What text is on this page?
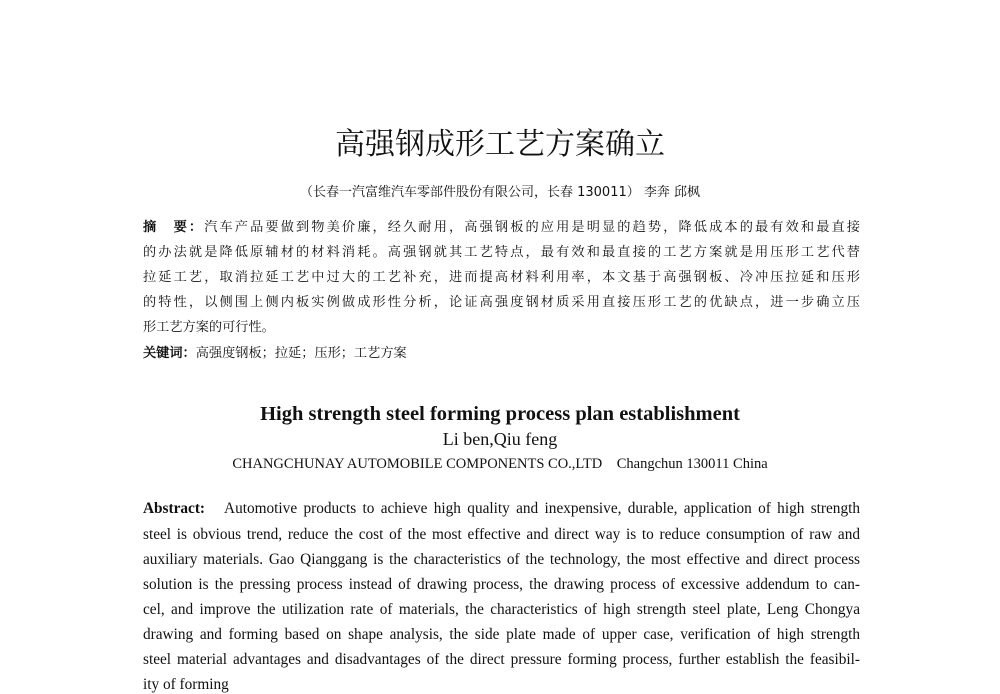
高强钢成形工艺方案确立
（长春一汽富维汽车零部件股份有限公司，长春 130011） 李奔 邱枫
摘　要：汽车产品要做到物美价廉，经久耐用，高强钢板的应用是明显的趋势，降低成本的最有效和最直接
的办法就是降低原辅材的材料消耗。高强钢就其工艺特点，最有效和最直接的工艺方案就是用压形工艺代替
拉延工艺，取消拉延工艺中过大的工艺补充，进而提高材料利用率，本文基于高强钢板、冷冲压拉延和压形
的特性，以侧围上侧内板实例做成形性分析，论证高强度钢材质采用直接压形工艺的优缺点，进一步确立压
形工艺方案的可行性。
关键词：高强度钢板；拉延；压形；工艺方案
High strength steel forming process plan establishment
Li ben,Qiu feng
CHANGCHUNAY AUTOMOBILE COMPONENTS CO.,LTD    Changchun 130011 China
Abstract: Automotive products to achieve high quality and inexpensive, durable, application of high strength
steel is obvious trend, reduce the cost of the most effective and direct way is to reduce consumption of raw and
auxiliary materials. Gao Qianggang is the characteristics of the technology, the most effective and direct process
solution is the pressing process instead of drawing process, the drawing process of excessive addendum to can-
cel, and improve the utilization rate of materials, the characteristics of high strength steel plate, Leng Chongya
drawing and forming based on shape analysis, the side plate made of upper case, verification of high strength
steel material advantages and disadvantages of the direct pressure forming process, further establish the feasibil-
ity of forming
